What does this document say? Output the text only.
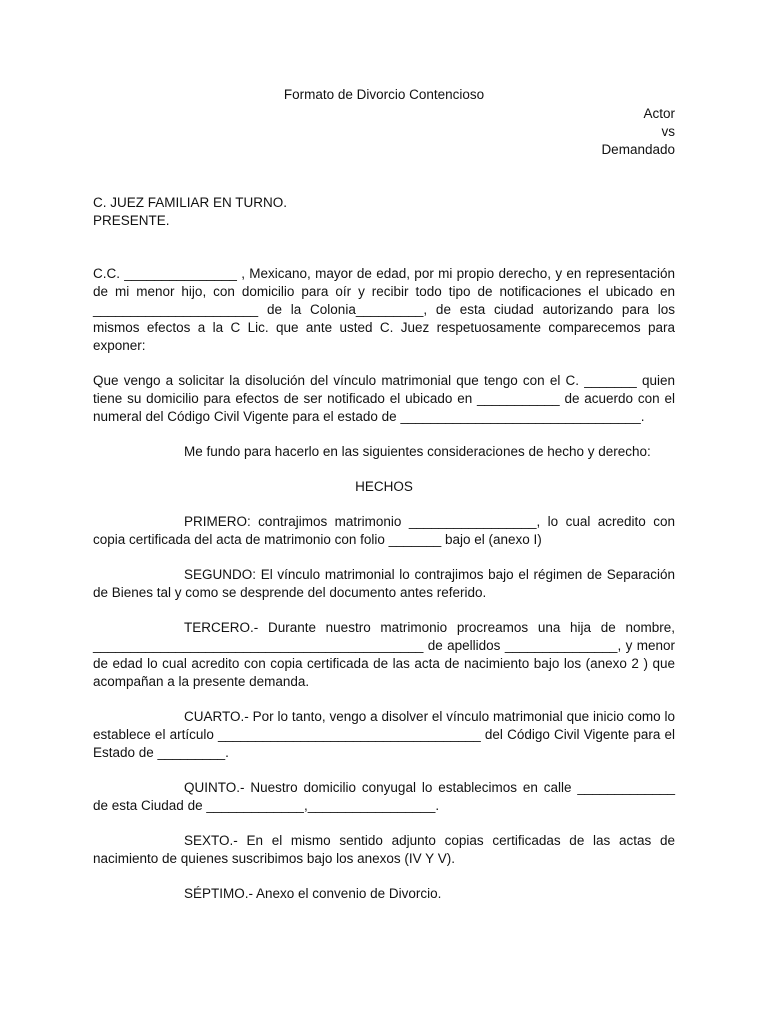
Formato de Divorcio Contencioso
Actor
vs
Demandado
C. JUEZ FAMILIAR EN TURNO.
PRESENTE.

C.C. _______________ , Mexicano, mayor de edad, por mi propio derecho, y en representación de mi menor hijo, con domicilio para oír y recibir todo tipo de notificaciones el ubicado en ______________________ de la Colonia_________, de esta ciudad autorizando para los mismos efectos a la C Lic. que ante usted C. Juez respetuosamente comparecemos para exponer:

Que vengo a solicitar la disolución del vínculo matrimonial que tengo con el C. _______ quien tiene su domicilio para efectos de ser notificado el ubicado en ___________ de acuerdo con el numeral del Código Civil Vigente para el estado de ________________________________.

Me fundo para hacerlo en las siguientes consideraciones de hecho y derecho:

HECHOS

PRIMERO: contrajimos matrimonio _________________, lo cual acredito con copia certificada del acta de matrimonio con folio _______ bajo el (anexo I)

SEGUNDO: El vínculo matrimonial lo contrajimos bajo el régimen de Separación de Bienes tal y como se desprende del documento antes referido.

TERCERO.- Durante nuestro matrimonio procreamos una hija de nombre, ____________________________________________ de apellidos _______________, y menor de edad lo cual acredito con copia certificada de las acta de nacimiento bajo los (anexo 2 ) que acompañan a la presente demanda.

CUARTO.- Por lo tanto, vengo a disolver el vínculo matrimonial que inicio como lo establece el artículo ___________________________________ del Código Civil Vigente para el Estado de _________.

QUINTO.- Nuestro domicilio conyugal lo establecimos en calle _____________ de esta Ciudad de _____________,_________________.

SEXTO.- En el mismo sentido adjunto copias certificadas de las actas de nacimiento de quienes suscribimos bajo los anexos (IV Y V).

SÉPTIMO.- Anexo el convenio de Divorcio.
